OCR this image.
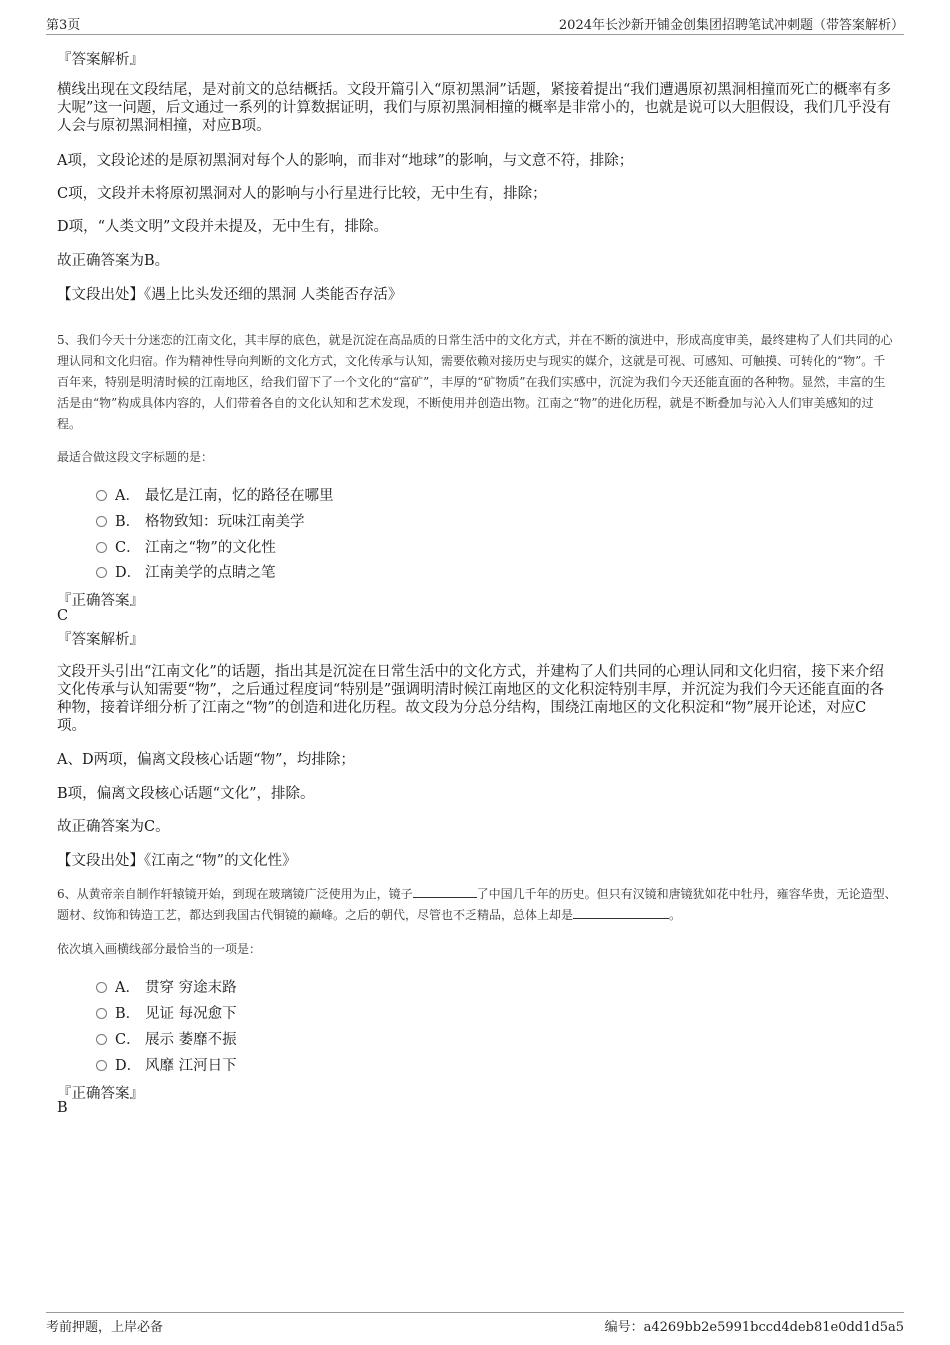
第3页	2024年长沙新开铺金创集团招聘笔试冲刺题（带答案解析）
『答案解析』
横线出现在文段结尾，是对前文的总结概括。文段开篇引入“原初黑洞”话题，紧接着提出“我们遭遇原初黑洞相撞而死亡的概率有多大呢”这一问题，后文通过一系列的计算数据证明，我们与原初黑洞相撞的概率是非常小的，也就是说可以大胆假设，我们几乎没有人会与原初黑洞相撞，对应B项。
A项，文段论述的是原初黑洞对每个人的影响，而非对“地球”的影响，与文意不符，排除；
C项，文段并未将原初黑洞对人的影响与小行星进行比较，无中生有，排除；
D项，“人类文明”文段并未提及，无中生有，排除。
故正确答案为B。
【文段出处】《遇上比头发还细的黑洞 人类能否存活》
5、我们今天十分迷恋的江南文化，其丰厚的底色，就是沉淀在高品质的日常生活中的文化方式，并在不断的演进中，形成高度审美，最终建构了人们共同的心理认同和文化归宿。作为精神性导向判断的文化方式，文化传承与认知，需要依赖对接历史与现实的媒介，这就是可视、可感知、可触摸、可转化的“物”。千百年来，特别是明清时候的江南地区，给我们留下了一个文化的“富矿”，丰厚的“矿物质”在我们实感中，沉淀为我们今天还能直面的各种物。显然，丰富的生活是由“物”构成具体内容的，人们带着各自的文化认知和艺术发现，不断使用并创造出物。江南之“物”的进化历程，就是不断叠加与沁入人们审美感知的过程。
最适合做这段文字标题的是：
A． 最忆是江南，忆的路径在哪里
B． 格物致知：玩味江南美学
C． 江南之“物”的文化性
D． 江南美学的点睛之笔
『正确答案』
C
『答案解析』
文段开头引出“江南文化”的话题，指出其是沉淀在日常生活中的文化方式，并建构了人们共同的心理认同和文化归宿，接下来介绍文化传承与认知需要“物”，之后通过程度词“特别是”强调明清时候江南地区的文化积淀特别丰厚，并沉淀为我们今天还能直面的各种物，接着详细分析了江南之“物”的创造和进化历程。故文段为分总分结构，围绕江南地区的文化积淀和“物”展开论述，对应C项。
A、D两项，偏离文段核心话题“物”，均排除；
B项，偏离文段核心话题“文化”，排除。
故正确答案为C。
【文段出处】《江南之“物”的文化性》
6、从黄帝亲自制作轩辕镜开始，到现在玻璃镜广泛使用为止，镜子	了中国几千年的历史。但只有汉镜和唐镜犹如花中牡丹，雍容华贵，无论造型、题材、纹饰和铸造工艺，都达到我国古代铜镜的巅峰。之后的朝代，尽管也不乏精品，总体上却是	。
依次填入画横线部分最恰当的一项是：
A． 贯穿 穷途末路
B． 见证 每况愈下
C． 展示 萎靡不振
D． 风靡 江河日下
『正确答案』
B
考前押题，上岸必备	编号：a4269bb2e5991bccd4deb81e0dd1d5a5
